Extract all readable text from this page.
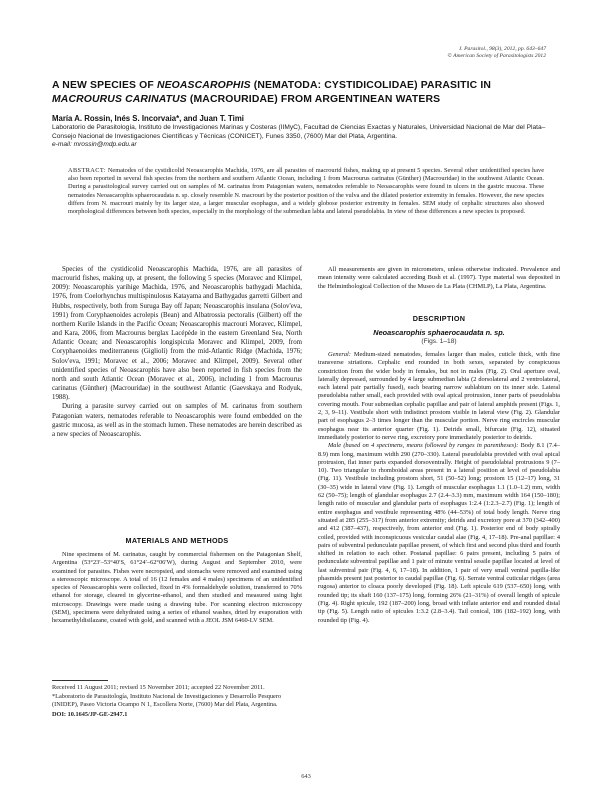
J. Parasitol., 98(3), 2012, pp. 643–647
© American Society of Parasitologists 2012
A NEW SPECIES OF NEOASCAROPHIS (NEMATODA: CYSTIDICOLIDAE) PARASITIC IN
MACROURUS CARINATUS (MACROURIDAE) FROM ARGENTINEAN WATERS
María A. Rossin, Inés S. Incorvaia*, and Juan T. Timi
Laboratorio de Parasitología, Instituto de Investigaciones Marinas y Costeras (IIMyC), Facultad de Ciencias Exactas y Naturales, Universidad Nacional de Mar del Plata–Consejo Nacional de Investigaciones Científicas y Técnicas (CONICET), Funes 3350, (7600) Mar del Plata, Argentina.
e-mail: mrossin@mdp.edu.ar
ABSTRACT: Nematodes of the cystidicolid Neoascarophis Machida, 1976, are all parasites of macrourid fishes, making up at present 5 species. Several other unidentified species have also been reported in several fish species from the northern and southern Atlantic Ocean, including 1 from Macrourus carinatus (Günther) (Macrouridae) in the southwest Atlantic Ocean. During a parasitological survey carried out on samples of M. carinatus from Patagonian waters, nematodes referable to Neoascarophis were found in ulcers in the gastric mucosa. These nematodes Neoascarophis sphaerocaudata n. sp. closely resemble N. macrouri by the posterior position of the vulva and the dilated posterior extremity in females. However, the new species differs from N. macrouri mainly by its larger size, a larger muscular esophagus, and a widely globose posterior extremity in females. SEM study of cephalic structures also showed morphological differences between both species, especially in the morphology of the submedian labia and lateral pseudolabia. In view of these differences a new species is proposed.

Species of the cystidicolid Neoascarophis Machida, 1976, are all parasites of macrourid fishes, making up, at present, the following 5 species (Moravec and Klimpel, 2009): Neoascarophis yarihige Machida, 1976, and Neoascarophis bathygadi Machida, 1976, from Coelorhynchus multispinulosus Katayama and Bathygadus garretti Gilbert and Hubbs, respectively, both from Suruga Bay off Japan; Neoascarophis insulana (Solov'eva, 1991) from Coryphaenoides acrolepis (Bean) and Albatrossia pectoralis (Gilbert) off the northern Kurile Islands in the Pacific Ocean; Neoascarophis macrouri Moravec, Klimpel, and Kara, 2006, from Macrourus berglax Lacépède in the eastern Greenland Sea, North Atlantic Ocean; and Neoascarophis longispicula Moravec and Klimpel, 2009, from Coryphaenoides mediterraneus (Giglioli) from the mid-Atlantic Ridge (Machida, 1976; Solov'eva, 1991; Moravec et al., 2006; Moravec and Klimpel, 2009). Several other unidentified species of Neoascarophis have also been reported in fish species from the north and south Atlantic Ocean (Moravec et al., 2006), including 1 from Macrourus carinatus (Günther) (Macrouridae) in the southwest Atlantic (Gaevskaya and Rodyuk, 1988).

During a parasite survey carried out on samples of M. carinatus from southern Patagonian waters, nematodes referable to Neoascarophis were found embedded on the gastric mucosa, as well as in the stomach lumen. These nematodes are herein described as a new species of Neoascarophis.

MATERIALS AND METHODS

Nine specimens of M. carinatus, caught by commercial fishermen on the Patagonian Shelf, Argentina (53°23′–53°40′S, 61°24′–62°06′W), during August and September 2010, were examined for parasites. Fishes were necropsied, and stomachs were removed and examined using a stereoscopic microscope. A total of 16 (12 females and 4 males) specimens of an unidentified species of Neoascarophis were collected, fixed in 4% formaldehyde solution, transferred to 70% ethanol for storage, cleared in glycerine-ethanol, and then studied and measured using light microscopy. Drawings were made using a drawing tube. For scanning electron microscopy (SEM), specimens were dehydrated using a series of ethanol washes, dried by evaporation with hexamethyldisilazane, coated with gold, and scanned with a JEOL JSM 6460-LV SEM.

Received 11 August 2011; revised 15 November 2011; accepted 22 November 2011.

*Laboratorio de Parasitología, Instituto Nacional de Investigaciones y Desarrollo Pesquero (INIDEP), Paseo Victoria Ocampo N 1, Escollera Norte, (7600) Mar del Plata, Argentina.

DOI: 10.1645/JP-GE-2947.1

All measurements are given in micrometers, unless otherwise indicated. Prevalence and mean intensity were calculated according Bush et al. (1997). Type material was deposited in the Helminthological Collection of the Museo de La Plata (CHMLP), La Plata, Argentina.

DESCRIPTION
Neoascarophis sphaerocaudata n. sp.
(Figs. 1–18)

General: Medium-sized nematodes, females larger than males, cuticle thick, with fine transverse striations. Cephalic end rounded in both sexes, separated by conspicuous constriction from the wider body in females, but not in males (Fig. 2). Oral aperture oval, laterally depressed, surrounded by 4 large submedian labia (2 dorsolateral and 2 ventrolateral, each lateral pair partially fused), each bearing narrow sublabium on its inner side. Lateral pseudolabia rather small, each provided with oval apical protrusion, inner parts of pseudolabia covering mouth. Four submedian cephalic papillae and pair of lateral amphids present (Figs. 1, 2, 3, 9–11). Vestibule short with indistinct prostom visible in lateral view (Fig. 2). Glandular part of esophagus 2–3 times longer than the muscular portion. Nerve ring encircles muscular esophagus near its anterior quarter (Fig. 1). Deirids small, bifurcate (Fig. 12), situated immediately posterior to nerve ring, excretory pore immediately posterior to deirids.

Male (based on 4 specimens, means followed by ranges in parentheses): Body 8.1 (7.4–8.9) mm long, maximum width 290 (270–330). Lateral pseudolabia provided with oval apical protrusion, flat inner parts expanded dorsoventrally. Height of pseudolabial protrusions 9 (7–10). Two triangular to rhomboidal areas present in a lateral position at level of pseudolabia (Fig. 11). Vestibule including prostom short, 51 (50–52) long; prostom 15 (12–17) long, 31 (30–35) wide in lateral view (Fig. 1). Length of muscular esophagus 1.1 (1.0–1.2) mm, width 62 (50–75); length of glandular esophagus 2.7 (2.4–3.3) mm, maximum width 164 (150–180); length ratio of muscular and glandular parts of esophagus 1:2.4 (1:2.3–2.7) (Fig. 1); length of entire esophagus and vestibule representing 48% (44–53%) of total body length. Nerve ring situated at 285 (255–317) from anterior extremity; deirids and excretory pore at 370 (342–400) and 412 (387–437), respectively, from anterior end (Fig. 1). Posterior end of body spirally coiled, provided with inconspicuous vesicular caudal alae (Fig. 4, 17–18). Pre-anal papillae: 4 pairs of subventral pedunculate papillae present, of which first and second plus third and fourth shifted in relation to each other. Postanal papillae: 6 pairs present, including 5 pairs of pedunculate subventral papillae and 1 pair of minute ventral sessile papillae located at level of last subventral pair (Fig. 4, 6, 17–18). In addition, 1 pair of very small ventral papilla-like phasmids present just posterior to caudal papillae (Fig. 6). Serrate ventral cuticular ridges (area rugosa) anterior to cloaca poorly developed (Fig. 18). Left spicule 619 (537–650) long, with rounded tip; its shaft 160 (137–175) long, forming 26% (21–31%) of overall length of spicule (Fig. 4). Right spicule, 192 (187–200) long, broad with inflate anterior end and rounded distal tip (Fig. 5). Length ratio of spicules 1:3.2 (2.8–3.4). Tail conical, 186 (182–192) long, with rounded tip (Fig. 4).

643
